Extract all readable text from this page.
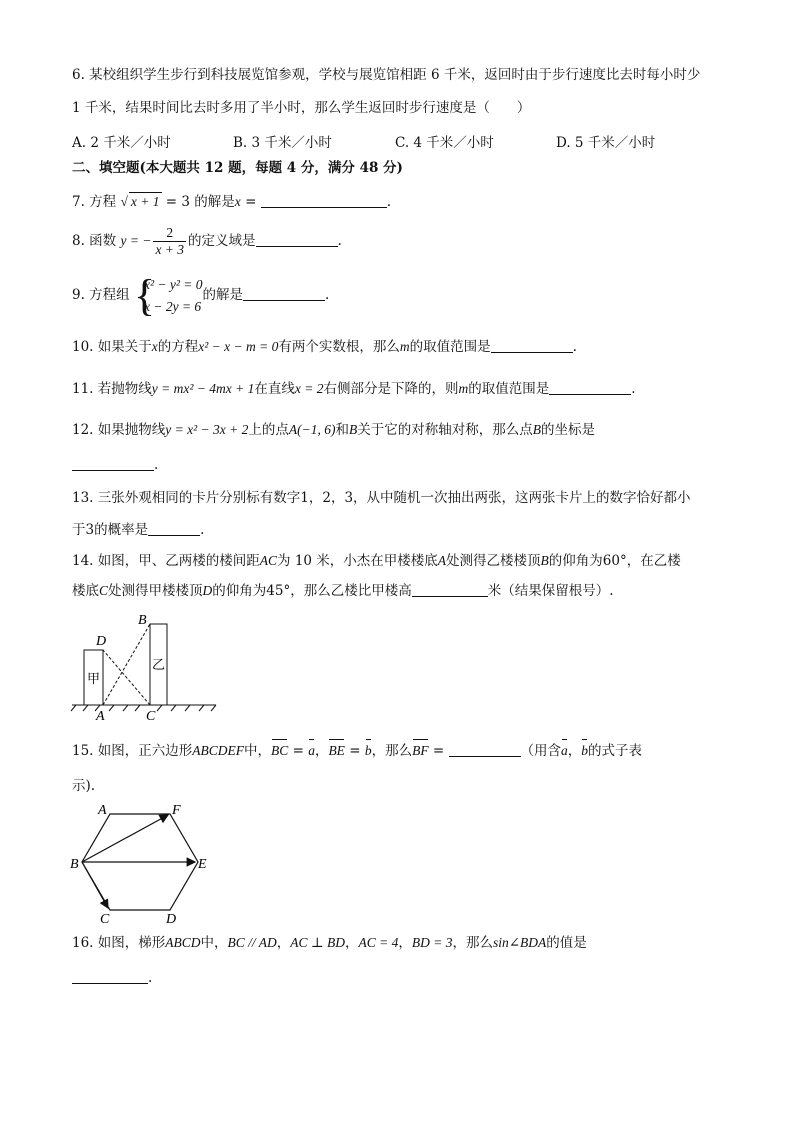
6. 某校组织学生步行到科技展览馆参观，学校与展览馆相距 6 千米，返回时由于步行速度比去时每小时少
1 千米，结果时间比去时多用了半小时，那么学生返回时步行速度是（　　）
A. 2 千米／小时	B. 3 千米／小时	C. 4 千米／小时	D. 5 千米／小时
二、填空题(本大题共 12 题，每题 4 分，满分 48 分)
7. 方程 √ x + 1 = 3 的解是x =	.
8. 函数 y = − $\frac{2}{x + 3}$ 的定义域是	.
9. 方程组 {
x² − y² = 0
x − 2y = 6
的解是	.
10. 如果关于x的方程x² − x − m = 0有两个实数根，那么m的取值范围是	.
11. 若抛物线y = mx² − 4mx + 1在直线x = 2右侧部分是下降的，则m的取值范围是	.
12. 如果抛物线y = x² − 3x + 2上的点A(−1, 6)和B关于它的对称轴对称，那么点B的坐标是
.
13. 三张外观相同的卡片分别标有数字1，2，3，从中随机一次抽出两张，这两张卡片上的数字恰好都小
于3的概率是	.
14. 如图，甲、乙两楼的楼间距AC为 10 米，小杰在甲楼楼底A处测得乙楼楼顶B的仰角为60°，在乙楼
楼底C处测得甲楼楼顶D的仰角为45°，那么乙楼比甲楼高	米（结果保留根号）.
D
甲
B
乙
A	C
15. 如图，正六边形ABCDEF中，BC = a，BE = b，那么BF =	（用含a，b的式子表
示).
A	F
B	E
C	D
16. 如图，梯形ABCD中，BC // AD，AC ⊥ BD，AC = 4，BD = 3，那么sin∠BDA的值是
.
